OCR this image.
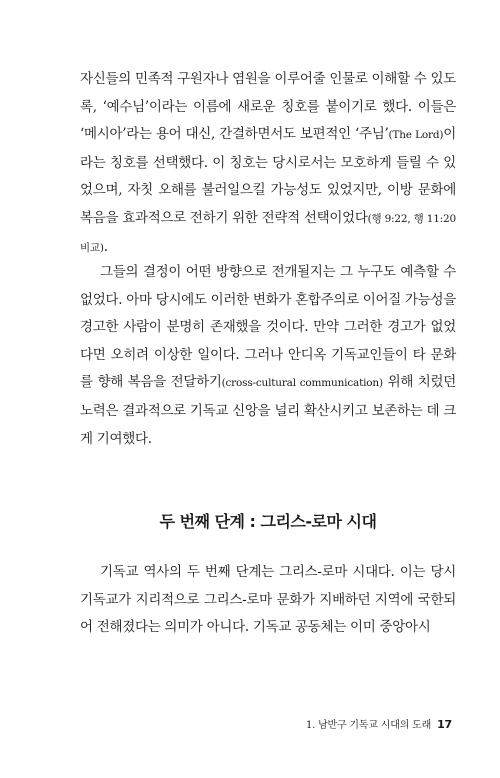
자신들의 민족적 구원자나 염원을 이루어줄 인물로 이해할 수 있도록, ‘예수님’이라는 이름에 새로운 칭호를 붙이기로 했다. 이들은 ‘메시아’라는 용어 대신, 간결하면서도 보편적인 ‘주님’(The Lord)이라는 칭호를 선택했다. 이 칭호는 당시로서는 모호하게 들릴 수 있었으며, 자칫 오해를 불러일으킬 가능성도 있었지만, 이방 문화에 복음을 효과적으로 전하기 위한 전략적 선택이었다(행 9:22, 행 11:20 비교).

그들의 결정이 어떤 방향으로 전개될지는 그 누구도 예측할 수 없었다. 아마 당시에도 이러한 변화가 혼합주의로 이어질 가능성을 경고한 사람이 분명히 존재했을 것이다. 만약 그러한 경고가 없었다면 오히려 이상한 일이다. 그러나 안디옥 기독교인들이 타 문화를 향해 복음을 전달하기(cross-cultural communication) 위해 치렀던 노력은 결과적으로 기독교 신앙을 널리 확산시키고 보존하는 데 크게 기여했다.

두 번째 단계 : 그리스-로마 시대

기독교 역사의 두 번째 단계는 그리스-로마 시대다. 이는 당시 기독교가 지리적으로 그리스-로마 문화가 지배하던 지역에 국한되어 전해졌다는 의미가 아니다. 기독교 공동체는 이미 중앙아시

1. 남반구 기독교 시대의 도래 17
